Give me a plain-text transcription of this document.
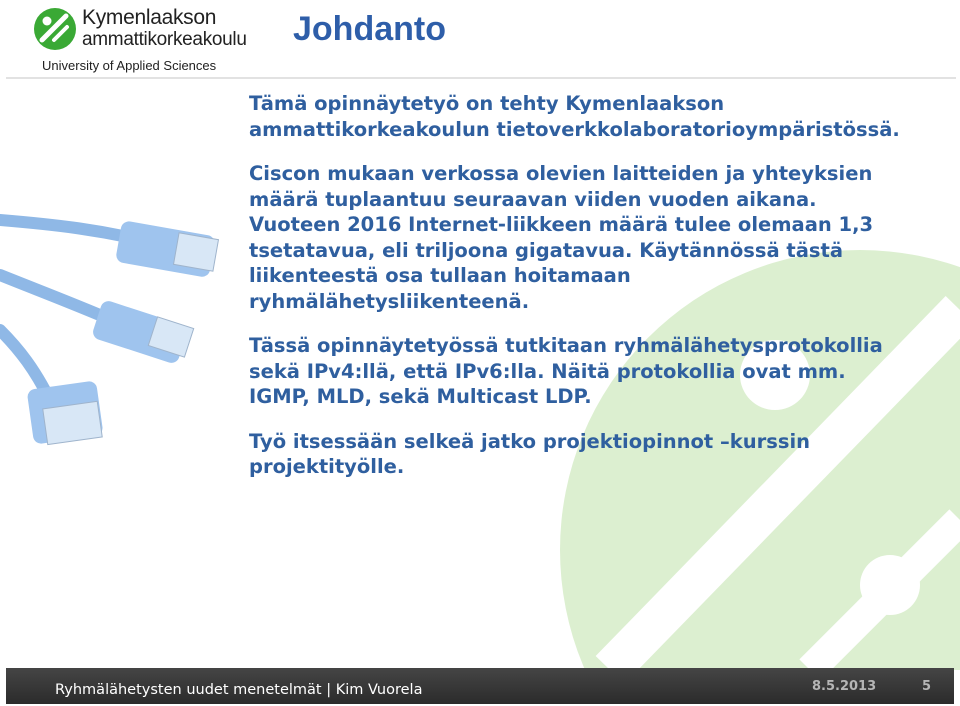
Kymenlaakson
ammattikorkeakoulu
University of Applied Sciences
Johdanto

Tämä opinnäytetyö on tehty Kymenlaakson ammattikorkeakoulun tietoverkkolaboratorioympäristössä.

Ciscon mukaan verkossa olevien laitteiden ja yhteyksien määrä tuplaantuu seuraavan viiden vuoden aikana. Vuoteen 2016 Internet-liikkeen määrä tulee olemaan 1,3 tsetatavua, eli triljoona gigatavua. Käytännössä tästä liikenteestä osa tullaan hoitamaan ryhmälähetysliikenteenä.

Tässä opinnäytetyössä tutkitaan ryhmälähetysprotokollia sekä IPv4:llä, että IPv6:lla. Näitä protokollia ovat mm. IGMP, MLD, sekä Multicast LDP.

Työ itsessään selkeä jatko projektiopinnot –kurssin projektityölle.

Ryhmälähetysten uudet menetelmät | Kim Vuorela	8.5.2013	5
